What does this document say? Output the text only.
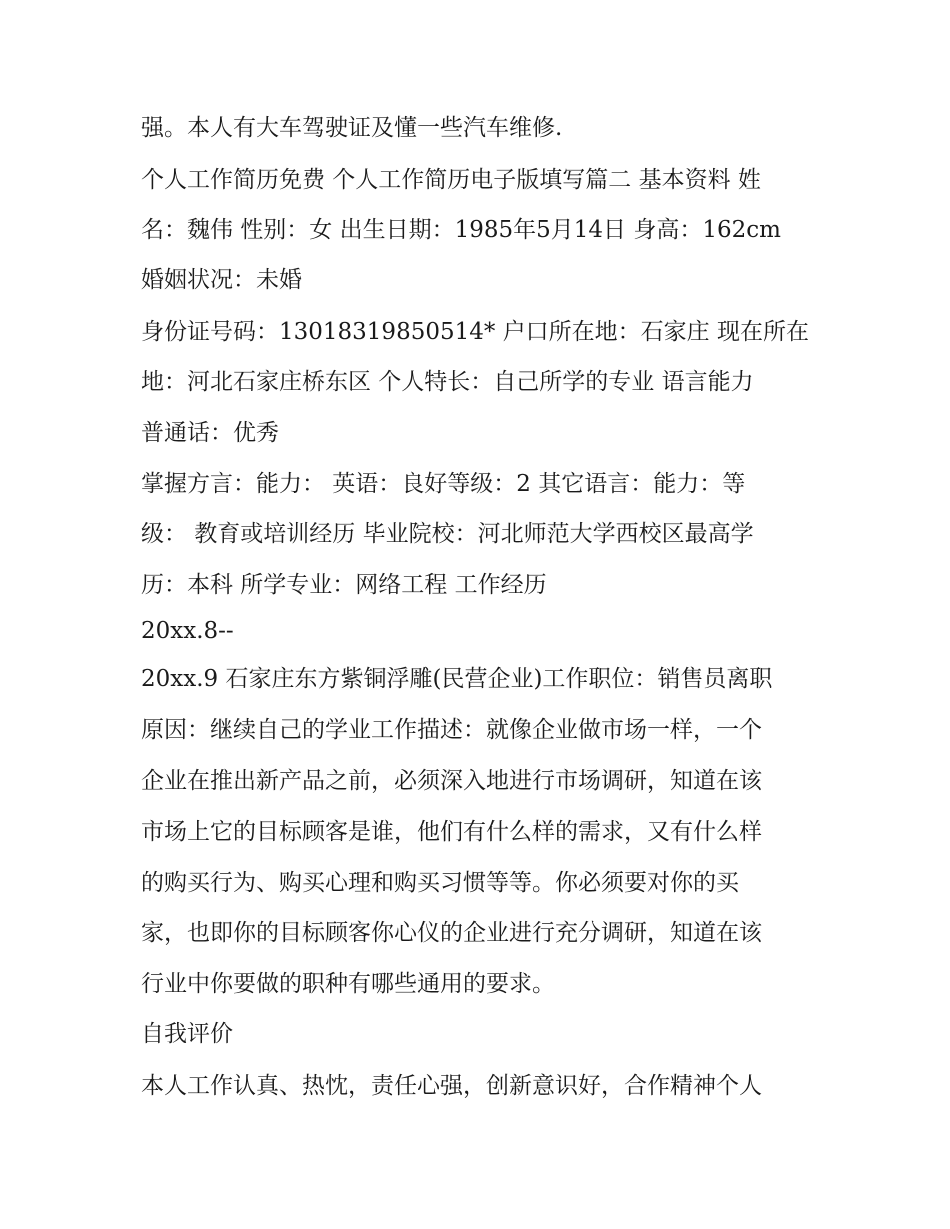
强。本人有大车驾驶证及懂一些汽车维修.
个人工作简历免费 个人工作简历电子版填写篇二 基本资料 姓
名：魏伟 性别：女 出生日期：1985年5月14日 身高：162cm
婚姻状况：未婚
身份证号码：13018319850514* 户口所在地：石家庄 现在所在
地：河北石家庄桥东区 个人特长：自己所学的专业 语言能力
普通话：优秀
掌握方言：能力： 英语：良好等级：2 其它语言：能力：等
级： 教育或培训经历 毕业院校：河北师范大学西校区最高学
历：本科 所学专业：网络工程 工作经历
20xx.8--
20xx.9 石家庄东方紫铜浮雕(民营企业)工作职位：销售员离职
原因：继续自己的学业工作描述：就像企业做市场一样，一个
企业在推出新产品之前，必须深入地进行市场调研，知道在该
市场上它的目标顾客是谁，他们有什么样的需求，又有什么样
的购买行为、购买心理和购买习惯等等。你必须要对你的买
家，也即你的目标顾客你心仪的企业进行充分调研，知道在该
行业中你要做的职种有哪些通用的要求。
自我评价
本人工作认真、热忱，责任心强，创新意识好，合作精神个人
